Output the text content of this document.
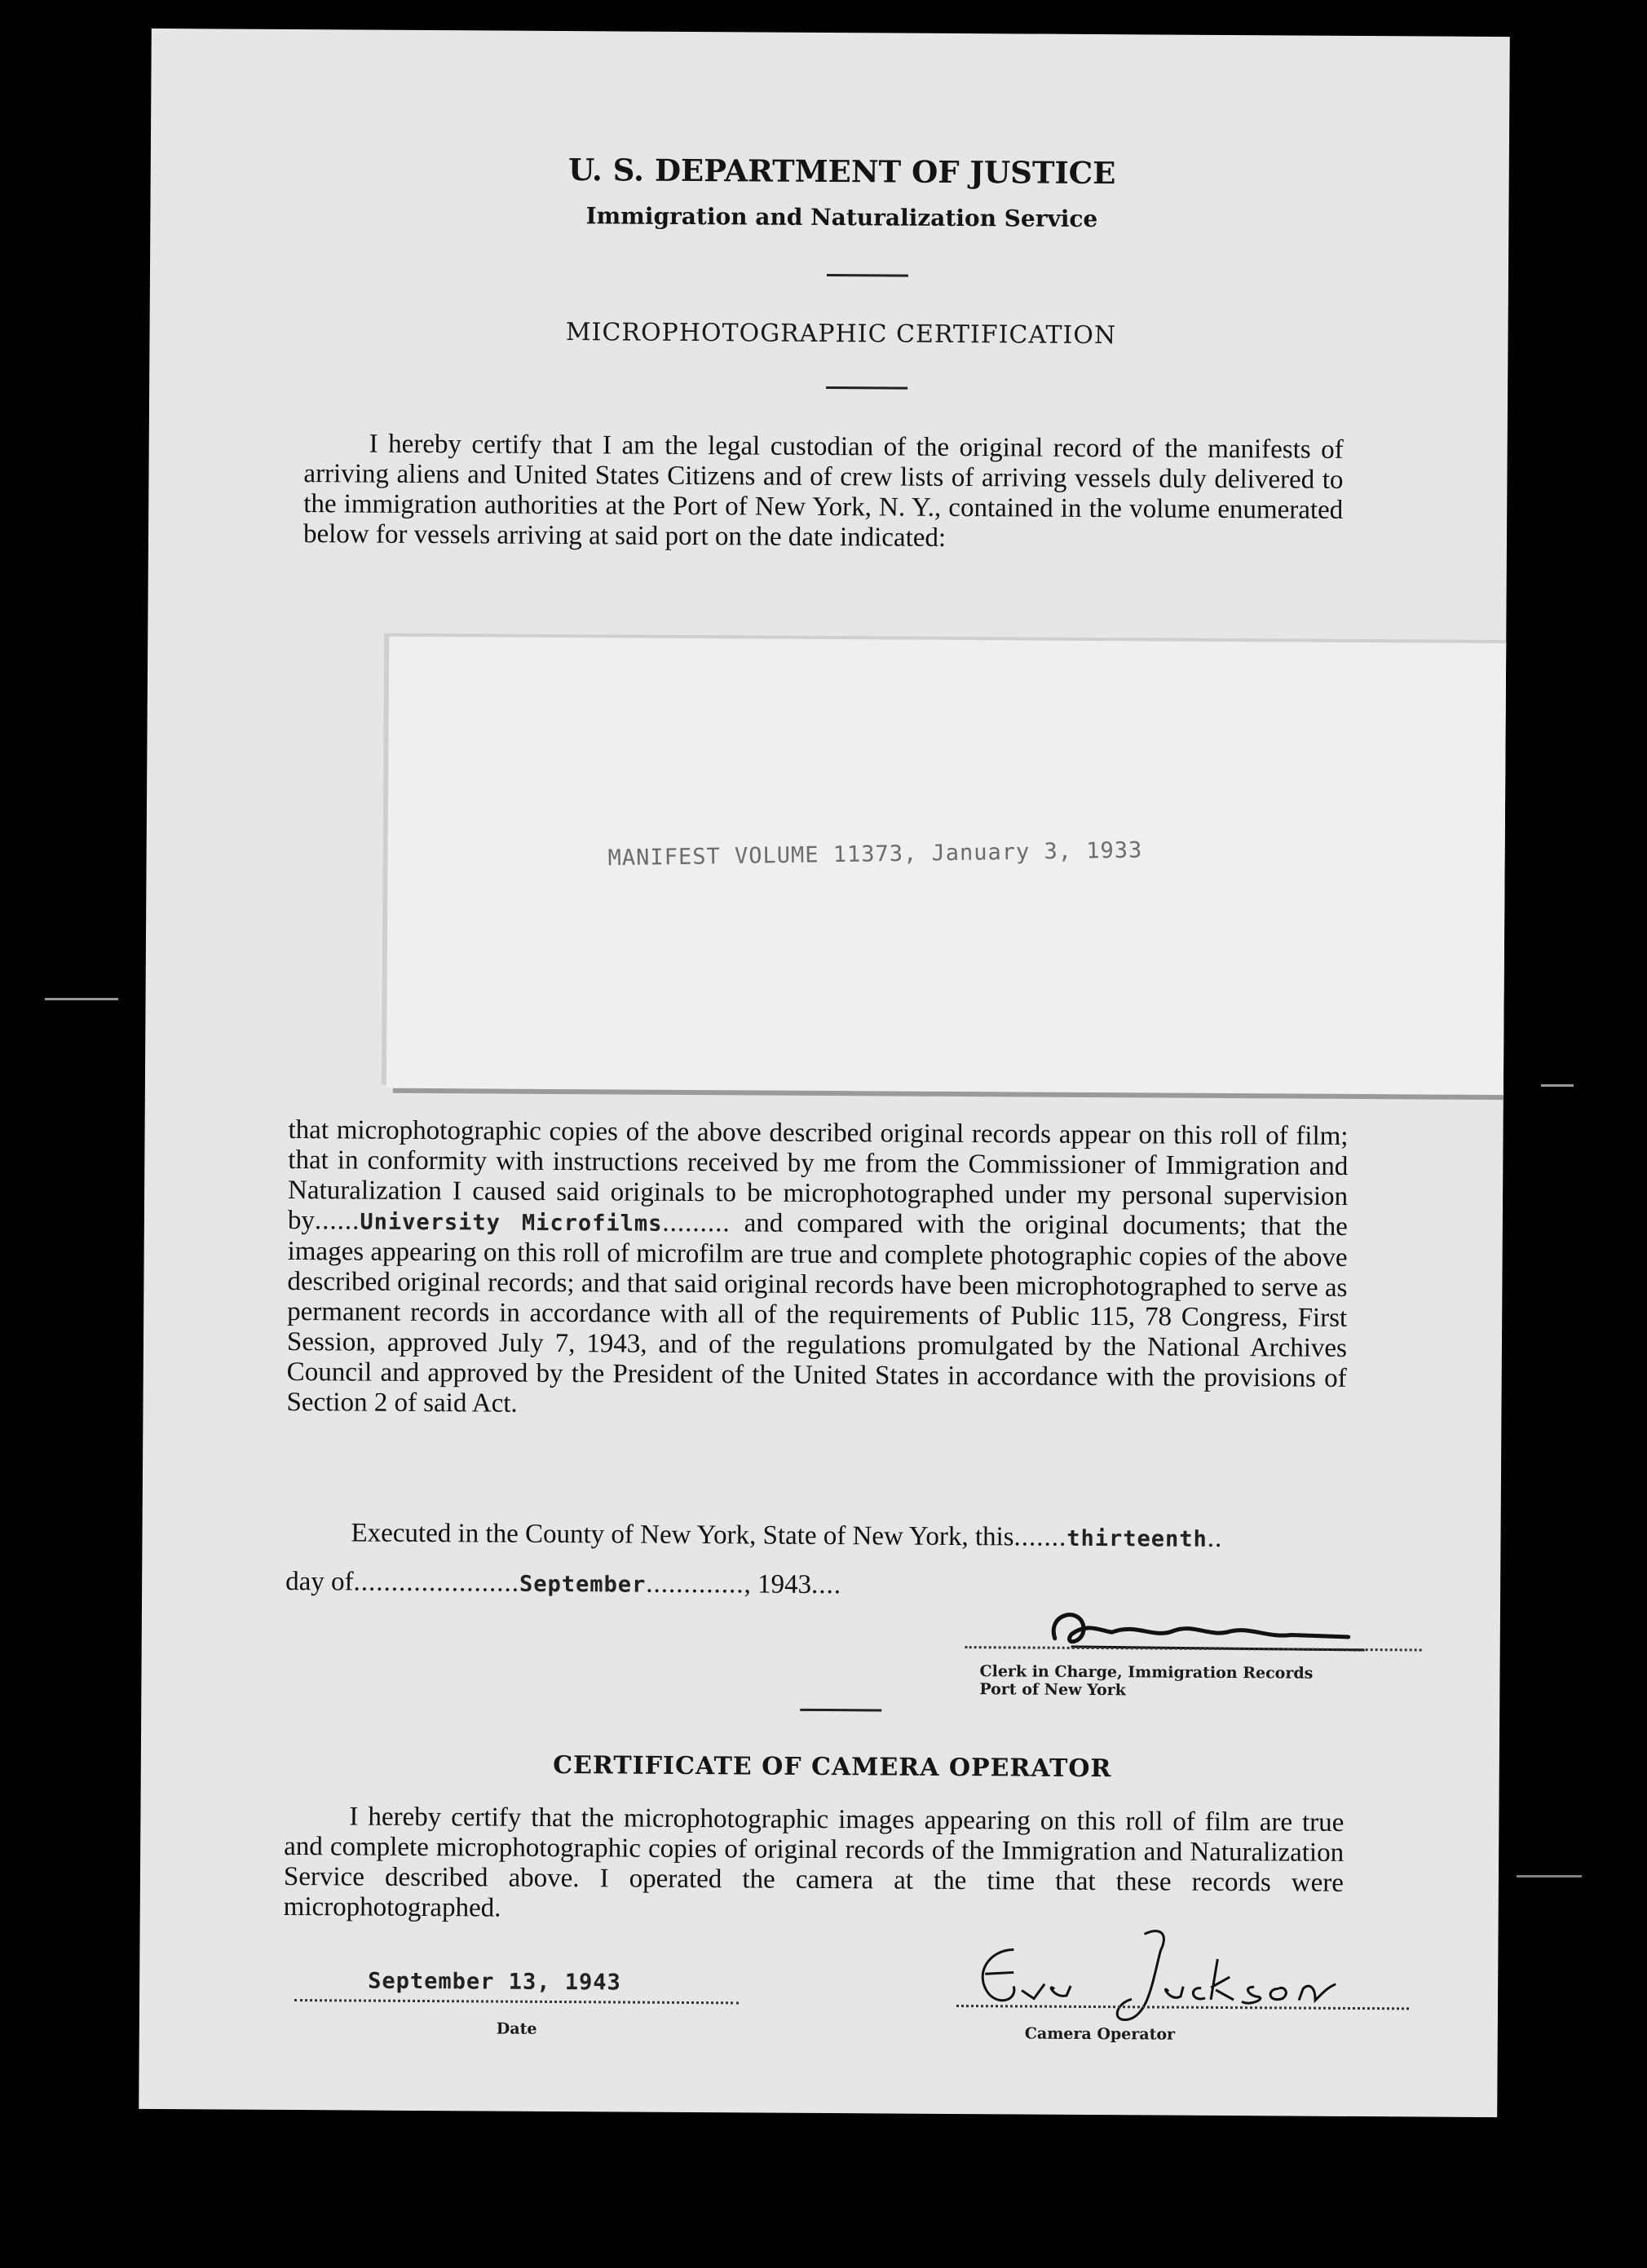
U. S. DEPARTMENT OF JUSTICE
Immigration and Naturalization Service
MICROPHOTOGRAPHIC CERTIFICATION
I hereby certify that I am the legal custodian of the original record of the manifests of arriving aliens and United States Citizens and of crew lists of arriving vessels duly delivered to the immigration authorities at the Port of New York, N. Y., contained in the volume enumerated below for vessels arriving at said port on the date indicated:
MANIFEST VOLUME 11373, January 3, 1933
that microphotographic copies of the above described original records appear on this roll of film; that in conformity with instructions received by me from the Commissioner of Immigration and Naturalization I caused said originals to be microphotographed under my personal supervision by......University Microfilms......... and compared with the original documents; that the images appearing on this roll of microfilm are true and complete photographic copies of the above described original records; and that said original records have been microphotographed to serve as permanent records in accordance with all of the requirements of Public 115, 78 Congress, First Session, approved July 7, 1943, and of the regulations promulgated by the National Archives Council and approved by the President of the United States in accordance with the provisions of Section 2 of said Act.
Executed in the County of New York, State of New York, this.......thirteenth..
day of......................September............., 1943....
Clerk in Charge, Immigration Records
Port of New York
CERTIFICATE OF CAMERA OPERATOR
I hereby certify that the microphotographic images appearing on this roll of film are true and complete microphotographic copies of original records of the Immigration and Naturalization Service described above. I operated the camera at the time that these records were microphotographed.
September 13, 1943
Date	Camera Operator
